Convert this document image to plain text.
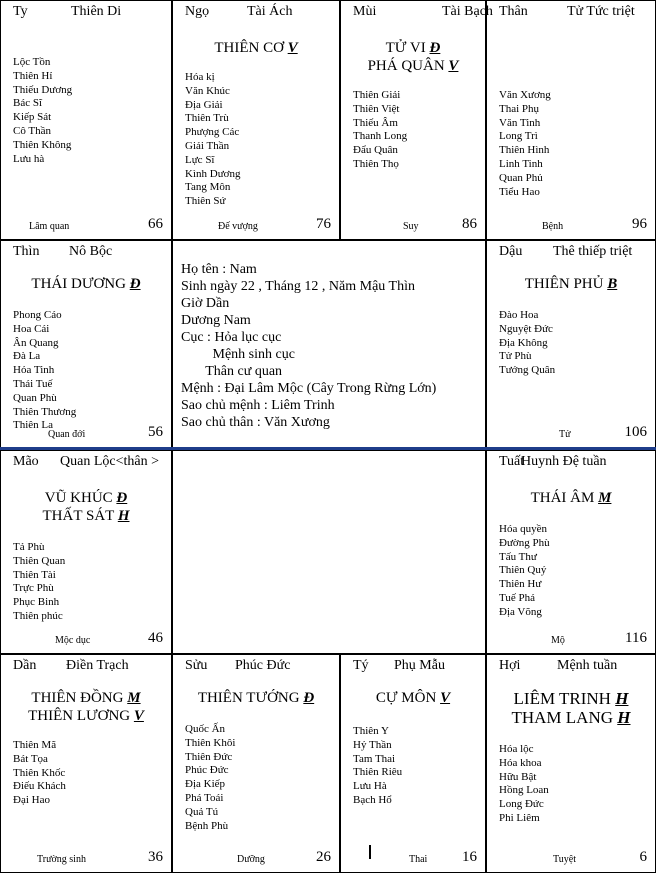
Ty	Thiên Di
Lộc Tồn
Thiên Hỉ
Thiếu Dương
Bác Sĩ
Kiếp Sát
Cô Thần
Thiên Không
Lưu hà
Lâm quan	66
Ngọ	Tài Ách
THIÊN CƠ V
Hóa kị
Văn Khúc
Địa Giải
Thiên Trù
Phượng Các
Giải Thần
Lực Sĩ
Kình Dương
Tang Môn
Thiên Sứ
Đế vượng	76
Mùi	Tài Bạch
TỬ VI Đ
PHÁ QUÂN V
Thiên Giải
Thiên Việt
Thiếu Âm
Thanh Long
Đẩu Quân
Thiên Thọ
Suy	86
Thân	Tử Tức triệt
Văn Xương
Thai Phụ
Văn Tinh
Long Trì
Thiên Hình
Linh Tinh
Quan Phủ
Tiểu Hao
Bệnh	96
Thìn Nô Bộc
THÁI DƯƠNG Đ
Phong Cáo
Hoa Cái
Ân Quang
Đà La
Hỏa Tinh
Thái Tuế
Quan Phù
Thiên Thương
Thiên La
Quan đới	56
Dậu Thê thiếp triệt
THIÊN PHỦ B
Đào Hoa
Nguyệt Đức
Địa Không
Tử Phù
Tướng Quân
Tử	106
Mão Quan Lộc<thân >
VŨ KHÚC Đ
THẤT SÁT H
Tả Phù
Thiên Quan
Thiên Tài
Trực Phù
Phục Binh
Thiên phúc
Mộc dục	46
Tuất
Huynh Đệ tuần
THÁI ÂM M
Hóa quyền
Đường Phù
Tấu Thư
Thiên Quý
Thiên Hư
Tuế Phá
Địa Võng
Mộ	116
Dần Điền Trạch
THIÊN ĐỒNG M
THIÊN LƯƠNG V
Thiên Mã
Bát Tọa
Thiên Khốc
Điếu Khách
Đại Hao
Trường sinh	36
Sửu Phúc Đức
THIÊN TƯỚNG Đ
Quốc Ấn
Thiên Khôi
Thiên Đức
Phúc Đức
Địa Kiếp
Phá Toái
Quả Tú
Bệnh Phù
Dưỡng	26
Tý Phụ Mẫu
CỰ MÔN V
Thiên Y
Hỷ Thần
Tam Thai
Thiên Riêu
Lưu Hà
Bạch Hổ
Thai 16
Hợi	Mệnh tuần
LIÊM TRINH H
THAM LANG H
Hóa lộc
Hóa khoa
Hữu Bật
Hồng Loan
Long Đức
Phi Liêm
Tuyệt	6
Họ tên : Nam
Sinh ngày 22 , Tháng 12 , Năm Mậu Thìn
Giờ Dần
Dương Nam
Cục : Hỏa lục cục
Mệnh sinh cục
Thân cư quan
Mệnh : Đại Lâm Mộc (Cây Trong Rừng Lớn)
Sao chủ mệnh : Liêm Trinh
Sao chủ thân : Văn Xương
